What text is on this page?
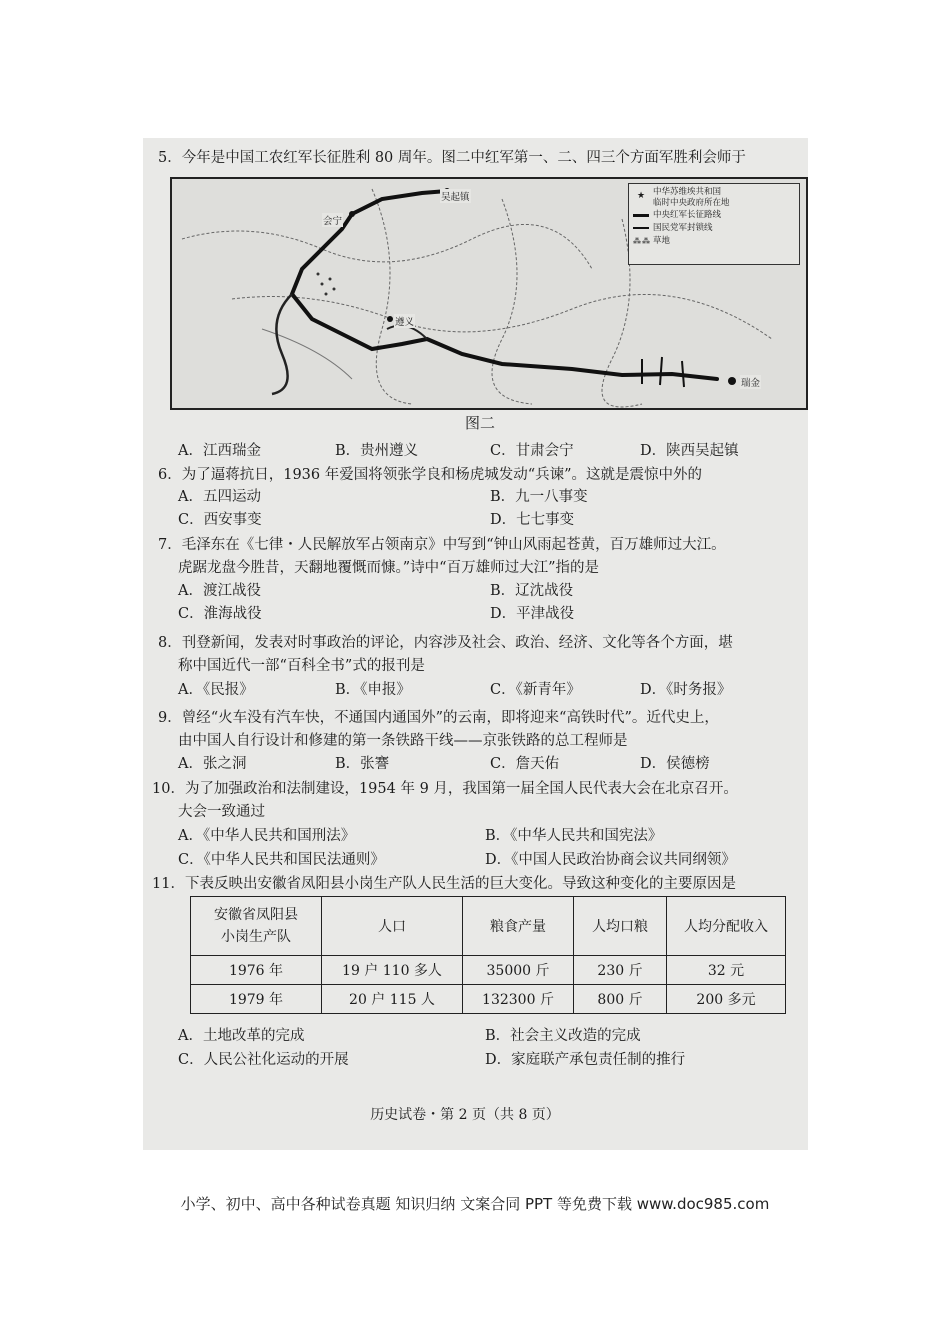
5．今年是中国工农红军长征胜利 80 周年。图二中红军第一、二、四三个方面军胜利会师于
吴起镇
会宁
遵义
瑞金
★ 中华苏维埃共和国
临时中央政府所在地
中央红军长征路线
国民党军封锁线
⁂⁂ 草地
图二
A．江西瑞金	B．贵州遵义	C．甘肃会宁	D．陕西吴起镇
6．为了逼蒋抗日，1936 年爱国将领张学良和杨虎城发动“兵谏”。这就是震惊中外的
A．五四运动	B．九一八事变
C．西安事变	D．七七事变
7．毛泽东在《七律・人民解放军占领南京》中写到“钟山风雨起苍黄，百万雄师过大江。
虎踞龙盘今胜昔，天翻地覆慨而慷。”诗中“百万雄师过大江”指的是
A．渡江战役	B．辽沈战役
C．淮海战役	D．平津战役
8．刊登新闻，发表对时事政治的评论，内容涉及社会、政治、经济、文化等各个方面，堪
称中国近代一部“百科全书”式的报刊是
A．《民报》	B．《申报》	C．《新青年》	D．《时务报》
9．曾经“火车没有汽车快，不通国内通国外”的云南，即将迎来“高铁时代”。近代史上，
由中国人自行设计和修建的第一条铁路干线——京张铁路的总工程师是
A．张之洞	B．张謇	C．詹天佑	D．侯德榜
10．为了加强政治和法制建设，1954 年 9 月，我国第一届全国人民代表大会在北京召开。
大会一致通过
A．《中华人民共和国刑法》	B．《中华人民共和国宪法》
C．《中华人民共和国民法通则》	D．《中国人民政治协商会议共同纲领》
11．下表反映出安徽省凤阳县小岗生产队人民生活的巨大变化。导致这种变化的主要原因是
安徽省凤阳县
小岗生产队	人口	粮食产量	人均口粮	人均分配收入
1976 年	19 户 110 多人	35000 斤	230 斤	32 元
1979 年	20 户 115 人	132300 斤	800 斤	200 多元
A．土地改革的完成	B．社会主义改造的完成
C．人民公社化运动的开展	D．家庭联产承包责任制的推行
历史试卷・第 2 页（共 8 页）
小学、初中、高中各种试卷真题 知识归纳 文案合同 PPT 等免费下载 www.doc985.com
